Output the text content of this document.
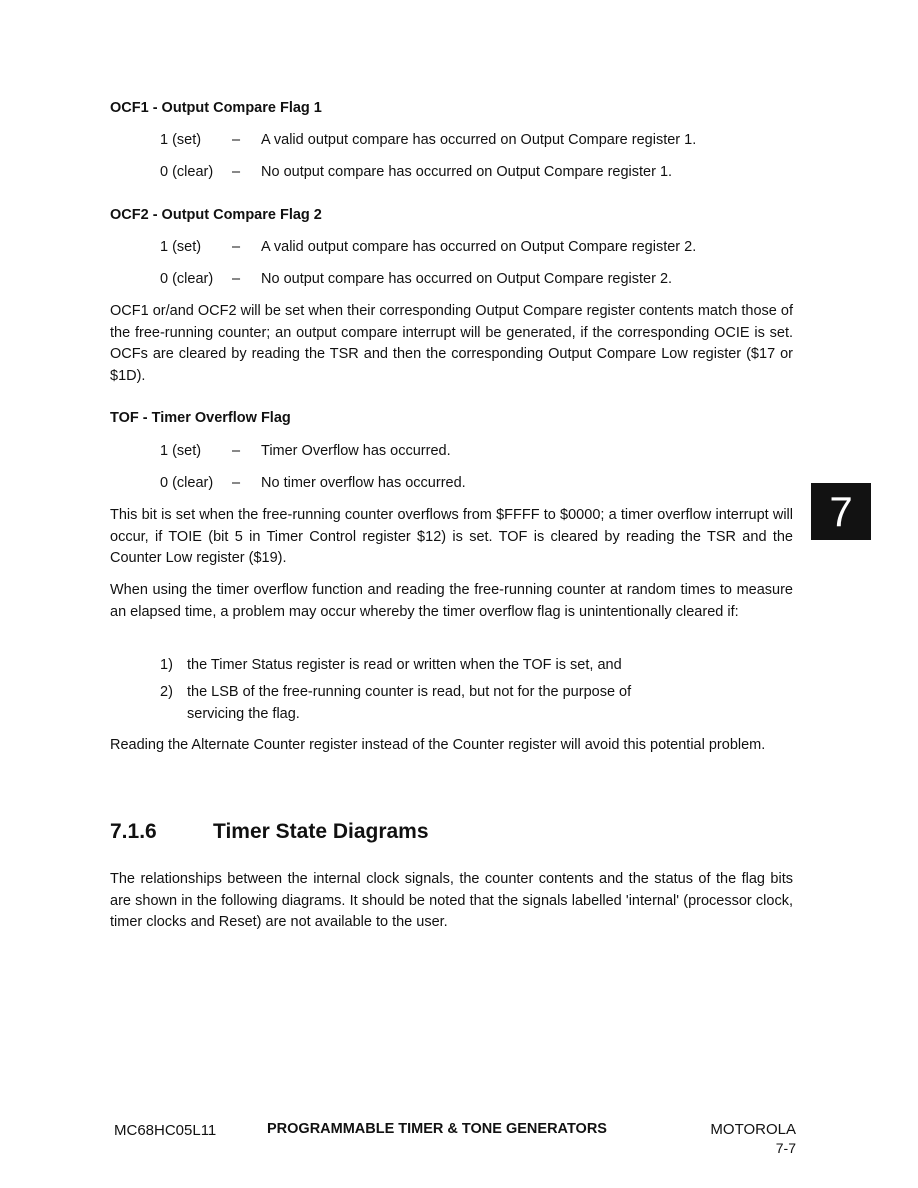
OCF1 - Output Compare Flag 1
1 (set) – A valid output compare has occurred on Output Compare register 1.
0 (clear) – No output compare has occurred on Output Compare register 1.
OCF2 - Output Compare Flag 2
1 (set) – A valid output compare has occurred on Output Compare register 2.
0 (clear) – No output compare has occurred on Output Compare register 2.
OCF1 or/and OCF2 will be set when their corresponding Output Compare register contents match those of the free-running counter; an output compare interrupt will be generated, if the corresponding OCIE is set. OCFs are cleared by reading the TSR and then the corresponding Output Compare Low register ($17 or $1D).
TOF - Timer Overflow Flag
1 (set) – Timer Overflow has occurred.
0 (clear) – No timer overflow has occurred.
This bit is set when the free-running counter overflows from $FFFF to $0000; a timer overflow interrupt will occur, if TOIE (bit 5 in Timer Control register $12) is set. TOF is cleared by reading the TSR and the Counter Low register ($19).
When using the timer overflow function and reading the free-running counter at random times to measure an elapsed time, a problem may occur whereby the timer overflow flag is unintentionally cleared if:
1) the Timer Status register is read or written when the TOF is set, and
2) the LSB of the free-running counter is read, but not for the purpose of servicing the flag.
Reading the Alternate Counter register instead of the Counter register will avoid this potential problem.
7.1.6	Timer State Diagrams
The relationships between the internal clock signals, the counter contents and the status of the flag bits are shown in the following diagrams. It should be noted that the signals labelled 'internal' (processor clock, timer clocks and Reset) are not available to the user.
7
MC68HC05L11	PROGRAMMABLE TIMER & TONE GENERATORS	MOTOROLA
7-7
